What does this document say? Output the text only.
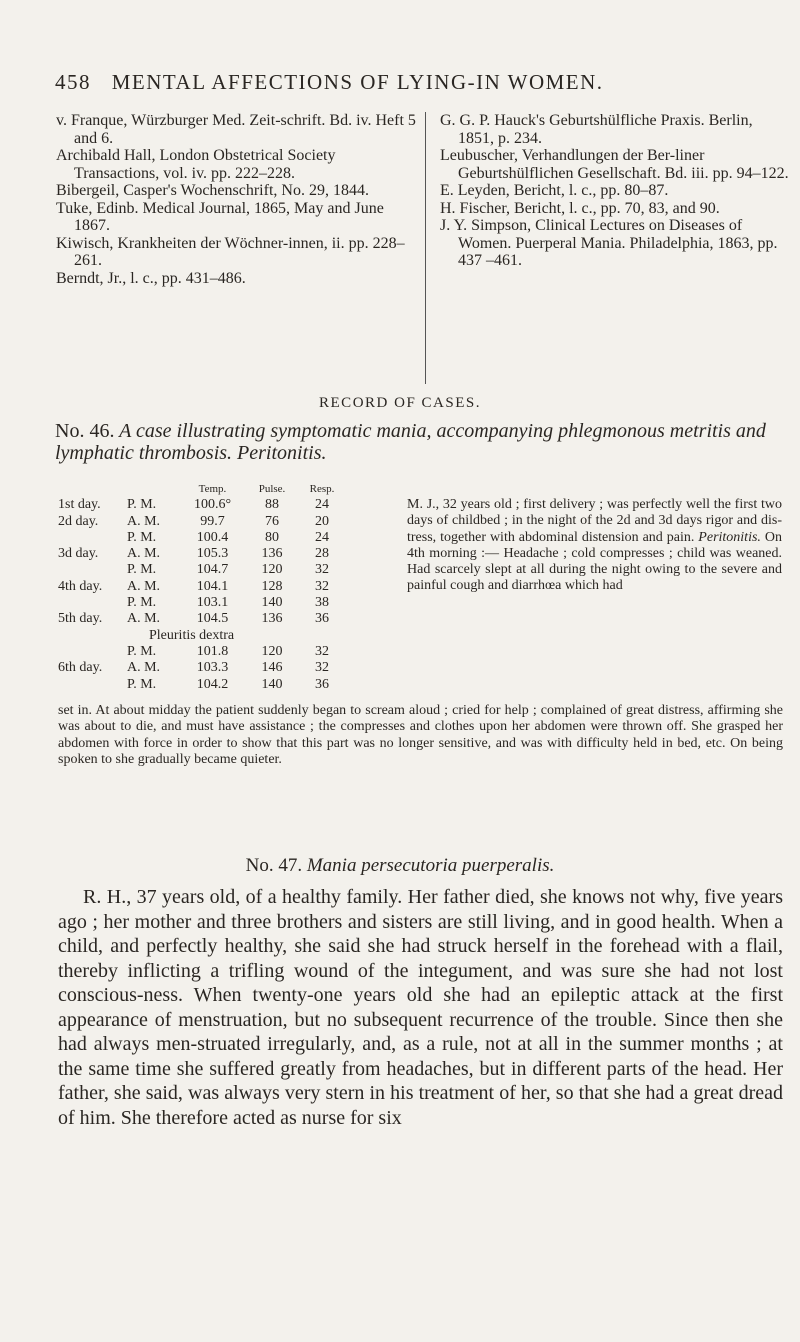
458 MENTAL AFFECTIONS OF LYING-IN WOMEN.

v. Franque, Würzburger Med. Zeit-schrift. Bd. iv. Heft 5 and 6.

Archibald Hall, London Obstetrical Society Transactions, vol. iv. pp. 222–228.

Bibergeil, Casper's Wochenschrift, No. 29, 1844.

Tuke, Edinb. Medical Journal, 1865, May and June 1867.

Kiwisch, Krankheiten der Wöchner-innen, ii. pp. 228–261.

Berndt, Jr., l. c., pp. 431–486.

G. G. P. Hauck's Geburtshülfliche Praxis. Berlin, 1851, p. 234.

Leubuscher, Verhandlungen der Ber-liner Geburtshülflichen Gesellschaft. Bd. iii. pp. 94–122.

E. Leyden, Bericht, l. c., pp. 80–87.

H. Fischer, Bericht, l. c., pp. 70, 83, and 90.

J. Y. Simpson, Clinical Lectures on Diseases of Women. Puerperal Mania. Philadelphia, 1863, pp. 437 –461.

RECORD OF CASES.
No. 46. A case illustrating symptomatic mania, accompanying phlegmonous metritis and lymphatic thrombosis. Peritonitis.
		Temp.	Pulse.	Resp.
1st day.	P. M.	100.6°	88	24
2d day.	A. M.	99.7	76	20
	P. M.	100.4	80	24
3d day.	A. M.	105.3	136	28
	P. M.	104.7	120	32
4th day.	A. M.	104.1	128	32
	P. M.	103.1	140	38
5th day.	A. M.	104.5	136	36
	Pleuritis dextra			
	P. M.	101.8	120	32
6th day.	A. M.	103.3	146	32
	P. M.	104.2	140	36
M. J., 32 years old ; first delivery ; was perfectly well the first two days of childbed ; in the night of the 2d and 3d days rigor and dis-tress, together with abdominal distension and pain. Peritonitis. On 4th morning :— Headache ; cold compresses ; child was weaned. Had scarcely slept at all during the night owing to the severe and painful cough and diarrhœa which had
set in. At about midday the patient suddenly began to scream aloud ; cried for help ; complained of great distress, affirming she was about to die, and must have assistance ; the compresses and clothes upon her abdomen were thrown off. She grasped her abdomen with force in order to show that this part was no longer sensitive, and was with difficulty held in bed, etc. On being spoken to she gradually became quieter.
No. 47. Mania persecutoria puerperalis.
R. H., 37 years old, of a healthy family. Her father died, she knows not why, five years ago ; her mother and three brothers and sisters are still living, and in good health. When a child, and perfectly healthy, she said she had struck herself in the forehead with a flail, thereby inflicting a trifling wound of the integument, and was sure she had not lost conscious-ness. When twenty-one years old she had an epileptic attack at the first appearance of menstruation, but no subsequent recurrence of the trouble. Since then she had always men-struated irregularly, and, as a rule, not at all in the summer months ; at the same time she suffered greatly from headaches, but in different parts of the head. Her father, she said, was always very stern in his treatment of her, so that she had a great dread of him. She therefore acted as nurse for six
